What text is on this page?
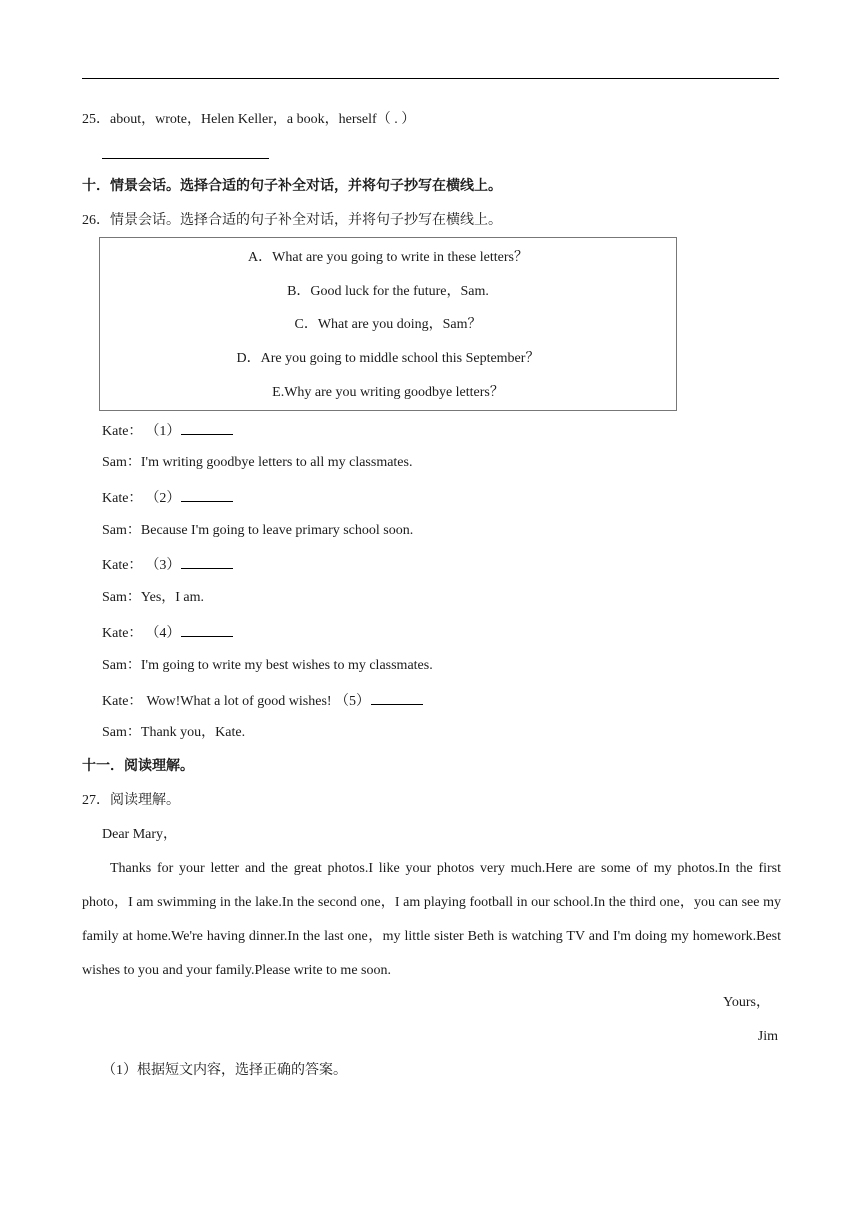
25．about，wrote，Helen Keller，a book，herself（ . ）
十．情景会话。选择合适的句子补全对话，并将句子抄写在横线上。
26．情景会话。选择合适的句子补全对话，并将句子抄写在横线上。
A．What are you going to write in these letters？
B．Good luck for the future，Sam.
C．What are you doing，Sam？
D．Are you going to middle school this September？
E.Why are you writing goodbye letters？
Kate： （1）
Sam：I'm writing goodbye letters to all my classmates.
Kate： （2）
Sam：Because I'm going to leave primary school soon.
Kate： （3）
Sam：Yes，I am.
Kate： （4）
Sam：I'm going to write my best wishes to my classmates.
Kate： Wow!What a lot of good wishes! （5）
Sam：Thank you，Kate.
十一．阅读理解。
27．阅读理解。
Dear Mary，
Thanks for your letter and the great photos.I like your photos very much.Here are some of my photos.In the first photo，I am swimming in the lake.In the second one，I am playing football in our school.In the third one，you can see my family at home.We're having dinner.In the last one，my little sister Beth is watching TV and I'm doing my homework.Best wishes to you and your family.Please write to me soon.
Yours，
Jim
（1）根据短文内容，选择正确的答案。
